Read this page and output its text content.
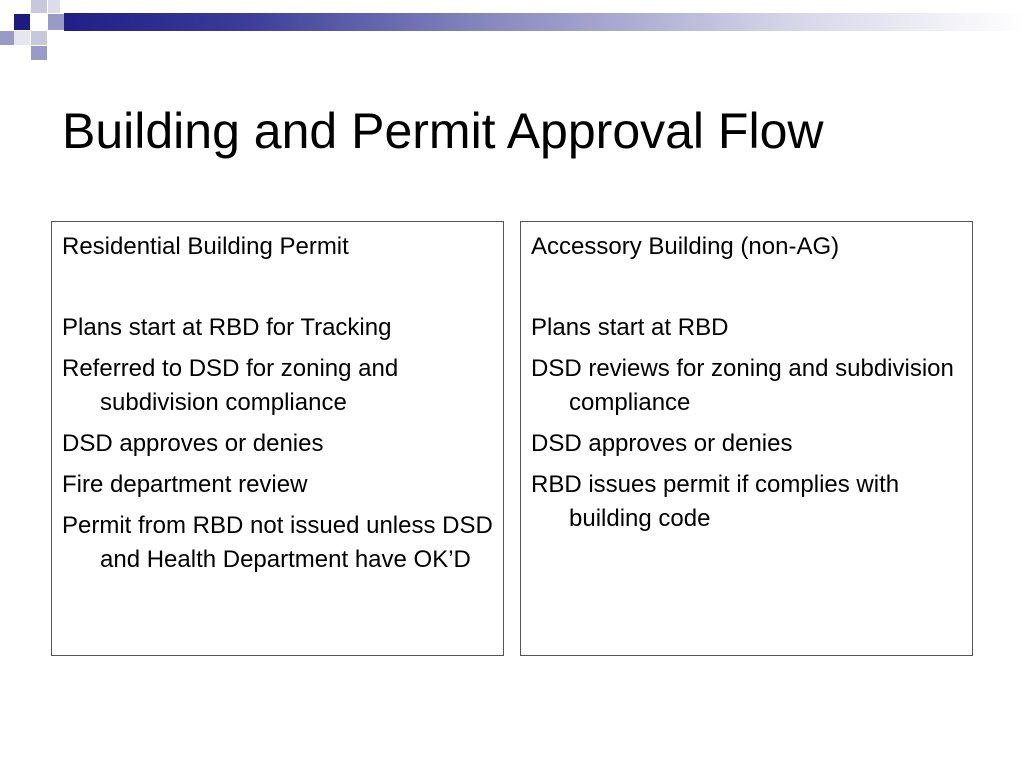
Building and Permit Approval Flow
Residential Building Permit
Plans start at RBD for Tracking
Referred to DSD for zoning and subdivision compliance
DSD approves or denies
Fire department review
Permit from RBD not issued unless DSD and Health Department have OK’D
Accessory Building (non-AG)
Plans start at RBD
DSD reviews for zoning and subdivision compliance
DSD approves or denies
RBD issues permit if complies with building code
